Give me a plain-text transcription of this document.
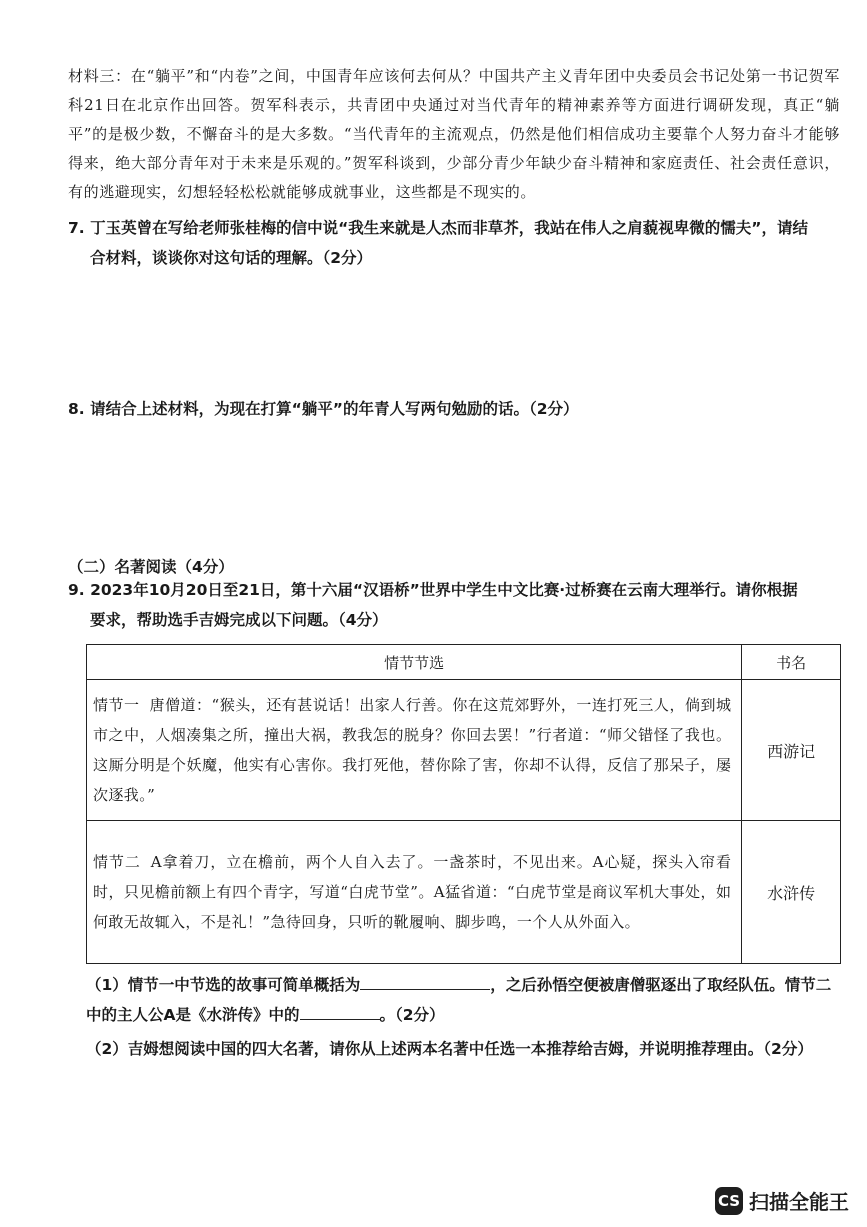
材料三：在“躺平”和“内卷”之间，中国青年应该何去何从？中国共产主义青年团中央委员会书记处第一书记贺军科21日在北京作出回答。贺军科表示，共青团中央通过对当代青年的精神素养等方面进行调研发现，真正“躺平”的是极少数，不懈奋斗的是大多数。“当代青年的主流观点，仍然是他们相信成功主要靠个人努力奋斗才能够得来，绝大部分青年对于未来是乐观的。”贺军科谈到，少部分青少年缺少奋斗精神和家庭责任、社会责任意识，有的逃避现实，幻想轻轻松松就能够成就事业，这些都是不现实的。
7. 丁玉英曾在写给老师张桂梅的信中说“我生来就是人杰而非草芥，我站在伟人之肩藐视卑微的懦夫”，请结
合材料，谈谈你对这句话的理解。（2分）
8. 请结合上述材料，为现在打算“躺平”的年青人写两句勉励的话。（2分）
（二）名著阅读（4分）
9. 2023年10月20日至21日，第十六届“汉语桥”世界中学生中文比赛·过桥赛在云南大理举行。请你根据
要求，帮助选手吉姆完成以下问题。（4分）
情节节选	书名
情节一 唐僧道：“猴头，还有甚说话！出家人行善。你在这荒郊野外，一连打死三人，倘到城市之中，人烟凑集之所，撞出大祸，教我怎的脱身？你回去罢！”行者道：“师父错怪了我也。这厮分明是个妖魔，他实有心害你。我打死他，替你除了害，你却不认得，反信了那呆子，屡次逐我。”	西游记
情节二 A拿着刀，立在檐前，两个人自入去了。一盏茶时，不见出来。A心疑，探头入帘看时，只见檐前额上有四个青字，写道“白虎节堂”。A猛省道：“白虎节堂是商议军机大事处，如何敢无故辄入，不是礼！”急待回身，只听的靴履响、脚步鸣，一个人从外面入。	水浒传
（1）情节一中节选的故事可简单概括为	，之后孙悟空便被唐僧驱逐出了取经队伍。情节二中的主人公A是《水浒传》中的	。（2分）
（2）吉姆想阅读中国的四大名著，请你从上述两本名著中任选一本推荐给吉姆，并说明推荐理由。（2分）
CS 扫描全能王
